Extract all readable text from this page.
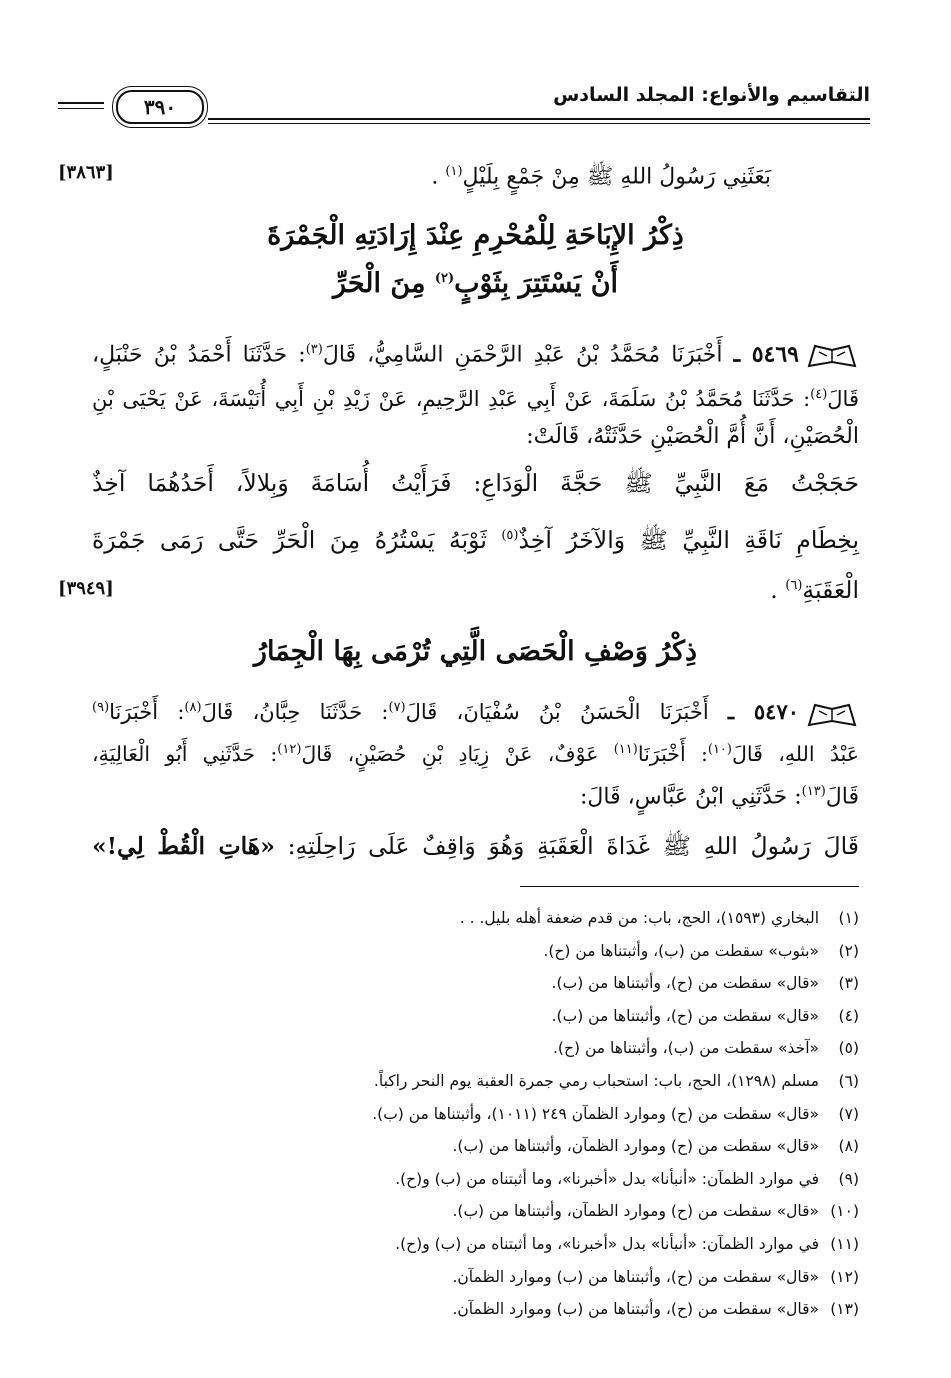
التقاسيم والأنواع: المجلد السادس
٣٩٠
بَعَثَنِي رَسُولُ اللهِ ﷺ مِنْ جَمْعٍ بِلَيْلٍ$^{(١)}$ .
[٣٨٦٣]
ذِكْرُ الإِبَاحَةِ لِلْمُحْرِمِ عِنْدَ إِرَادَتِهِ الْجَمْرَةَ
أَنْ يَسْتَتِرَ بِثَوْبٍ$^{(٢)}$ مِنَ الْحَرِّ
٥٤٦٩ ـ أَخْبَرَنَا مُحَمَّدُ بْنُ عَبْدِ الرَّحْمَنِ السَّامِيُّ، قَالَ$^{(٣)}$: حَدَّثَنَا أَحْمَدُ بْنُ حَنْبَلٍ،
قَالَ$^{(٤)}$: حَدَّثَنَا مُحَمَّدُ بْنُ سَلَمَةَ، عَنْ أَبِي عَبْدِ الرَّحِيمِ، عَنْ زَيْدِ بْنِ أَبِي أُنَيْسَةَ، عَنْ يَحْيَى بْنِ
الْحُصَيْنِ، أَنَّ أُمَّ الْحُصَيْنِ حَدَّثَتْهُ، قَالَتْ:
حَجَجْتُ مَعَ النَّبِيِّ ﷺ حَجَّةَ الْوَدَاعِ: فَرَأَيْتُ أُسَامَةَ وَبِلالاً، أَحَدُهُمَا آخِذٌ
بِخِطَامِ نَاقَةِ النَّبِيِّ ﷺ وَالآخَرُ آخِذٌ$^{(٥)}$ ثَوْبَهُ يَسْتُرُهُ مِنَ الْحَرِّ حَتَّى رَمَى جَمْرَةَ
الْعَقَبَةِ$^{(٦)}$ .
[٣٩٤٩]
ذِكْرُ وَصْفِ الْحَصَى الَّتِي تُرْمَى بِهَا الْجِمَارُ
٥٤٧٠ ـ أَخْبَرَنَا الْحَسَنُ بْنُ سُفْيَانَ، قَالَ$^{(٧)}$: حَدَّثَنَا حِبَّانُ، قَالَ$^{(٨)}$: أَخْبَرَنَا$^{(٩)}$
عَبْدُ اللهِ، قَالَ$^{(١٠)}$: أَخْبَرَنَا$^{(١١)}$ عَوْفٌ، عَنْ زِيَادِ بْنِ حُصَيْنٍ، قَالَ$^{(١٢)}$: حَدَّثَنِي أَبُو الْعَالِيَةِ،
قَالَ$^{(١٣)}$: حَدَّثَنِي ابْنُ عَبَّاسٍ، قَالَ:
قَالَ رَسُولُ اللهِ ﷺ غَدَاةَ الْعَقَبَةِ وَهُوَ وَاقِفٌ عَلَى رَاحِلَتِهِ: «هَاتِ الْقُطْ لِي!»
(١)البخاري (١٥٩٣)، الحج، باب: من قدم ضعفة أهله بليل. . .
(٢)«بثوب» سقطت من (ب)، وأثبتناها من (ح).
(٣)«قال» سقطت من (ح)، وأثبتناها من (ب).
(٤)«قال» سقطت من (ح)، وأثبتناها من (ب).
(٥)«آخذ» سقطت من (ب)، وأثبتناها من (ح).
(٦)مسلم (١٢٩٨)، الحج، باب: استحباب رمي جمرة العقبة يوم النحر راكباً.
(٧)«قال» سقطت من (ح) وموارد الظمآن ٢٤٩ (١٠١١)، وأثبتناها من (ب).
(٨)«قال» سقطت من (ح) وموارد الظمآن، وأثبتناها من (ب).
(٩)في موارد الظمآن: «أنبأنا» بدل «أخبرنا»، وما أثبتناه من (ب) و(ح).
(١٠)«قال» سقطت من (ح) وموارد الظمآن، وأثبتناها من (ب).
(١١)في موارد الظمآن: «أنبأنا» بدل «أخبرنا»، وما أثبتناه من (ب) و(ح).
(١٢)«قال» سقطت من (ح)، وأثبتناها من (ب) وموارد الظمآن.
(١٣)«قال» سقطت من (ح)، وأثبتناها من (ب) وموارد الظمآن.
